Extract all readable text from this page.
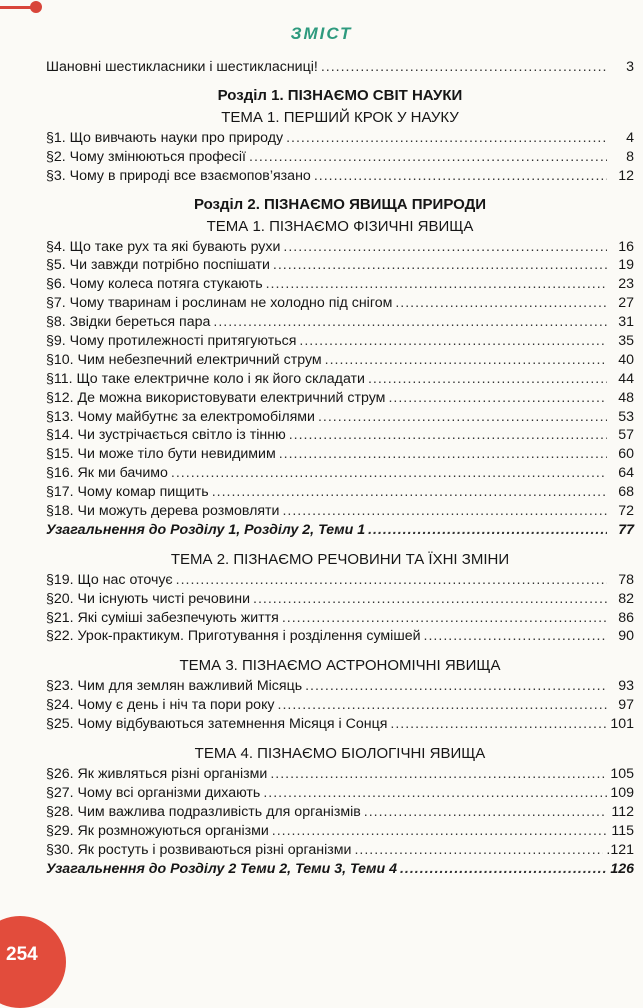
ЗМІСТ
Шановні шестикласники і шестикласниці! .....	3
Розділ 1. ПІЗНАЄМО СВІТ НАУКИ
ТЕМА 1. ПЕРШИЙ КРОК У НАУКУ
§1. Що вивчають науки про природу .....	4
§2. Чому змінюються професії .....	8
§3. Чому в природі все взаємопов’язано .....	12
Розділ 2. ПІЗНАЄМО ЯВИЩА ПРИРОДИ
ТЕМА 1. ПІЗНАЄМО ФІЗИЧНІ ЯВИЩА
§4. Що таке рух та які бувають рухи .....	16
§5. Чи завжди потрібно поспішати .....	19
§6. Чому колеса потяга стукають .....	23
§7. Чому тваринам і рослинам не холодно під снігом .....	27
§8. Звідки береться пара .....	31
§9. Чому протилежності притягуються .....	35
§10. Чим небезпечний електричний струм .....	40
§11. Що таке електричне коло і як його складати .....	44
§12. Де можна використовувати електричний струм .....	48
§13. Чому майбутнє за електромобілями .....	53
§14. Чи зустрічається світло із тінню .....	57
§15. Чи може тіло бути невидимим .....	60
§16. Як ми бачимо .....	64
§17. Чому комар пищить .....	68
§18. Чи можуть дерева розмовляти .....	72
Узагальнення до Розділу 1, Розділу 2, Теми 1 .....	77
ТЕМА 2. ПІЗНАЄМО РЕЧОВИНИ ТА ЇХНІ ЗМІНИ
§19. Що нас оточує .....	78
§20. Чи існують чисті речовини .....	82
§21. Які суміші забезпечують життя .....	86
§22. Урок-практикум. Приготування і розділення сумішей .....	90
ТЕМА 3. ПІЗНАЄМО АСТРОНОМІЧНІ ЯВИЩА
§23. Чим для землян важливий Місяць .....	93
§24. Чому є день і ніч та пори року .....	97
§25. Чому відбуваються затемнення Місяця і Сонця .....	101
ТЕМА 4. ПІЗНАЄМО БІОЛОГІЧНІ ЯВИЩА
§26. Як живляться різні організми .....	105
§27. Чому всі організми дихають .....	109
§28. Чим важлива подразливість для організмів .....	112
§29. Як розмножуються організми .....	115
§30. Як ростуть і розвиваються різні організми .....	.121
Узагальнення до Розділу 2 Теми 2, Теми 3, Теми 4 .....	126
254
